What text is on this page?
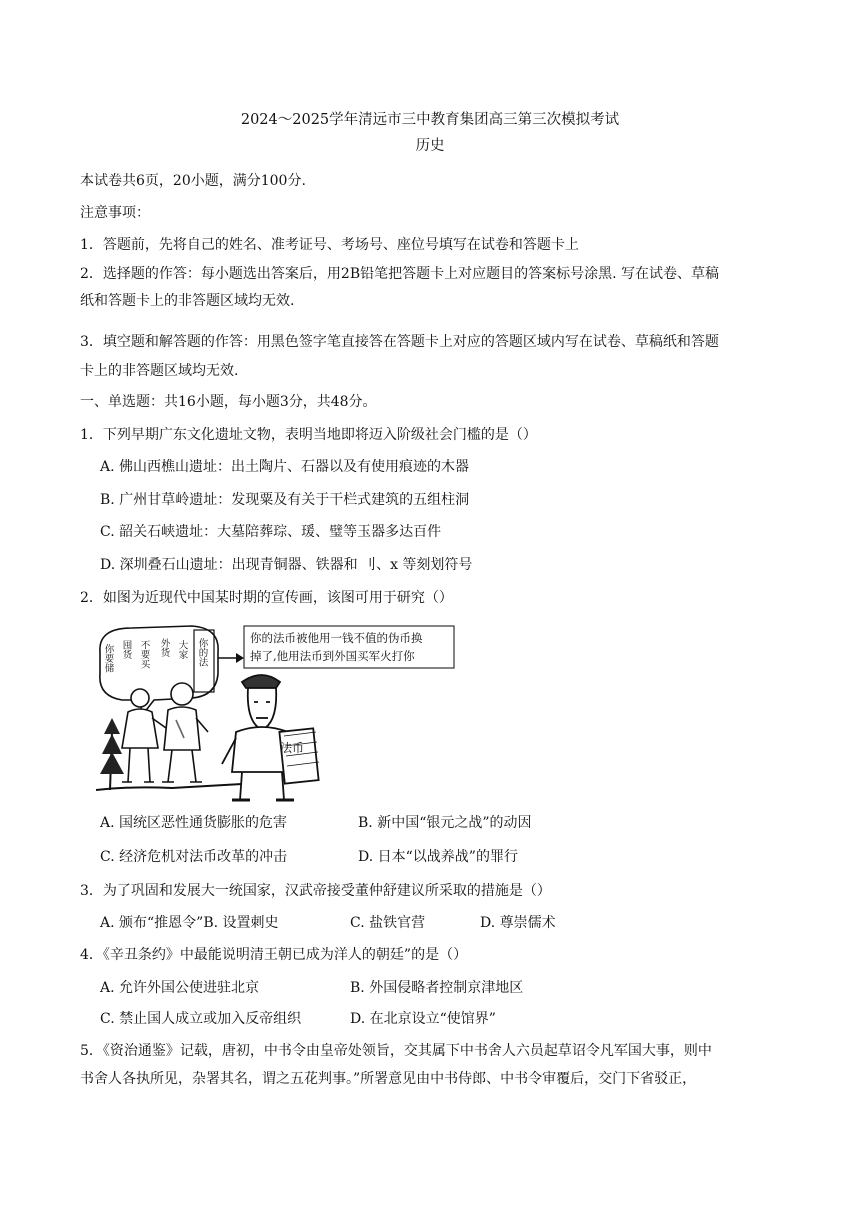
2024～2025学年清远市三中教育集团高三第三次模拟考试
历史
本试卷共6页，20小题，满分100分.
注意事项：
1．答题前，先将自己的姓名、准考证号、考场号、座位号填写在试卷和答题卡上
2．选择题的作答：每小题选出答案后，用2B铅笔把答题卡上对应题目的答案标号涂黑. 写在试卷、草稿
纸和答题卡上的非答题区域均无效.
3．填空题和解答题的作答：用黑色签字笔直接答在答题卡上对应的答题区域内写在试卷、草稿纸和答题
卡上的非答题区域均无效.
一、单选题：共16小题，每小题3分，共48分。
1．下列早期广东文化遗址文物，表明当地即将迈入阶级社会门槛的是（）
A. 佛山西樵山遗址：出土陶片、石器以及有使用痕迹的木器
B. 广州甘草岭遗址：发现粟及有关于干栏式建筑的五组柱洞
C. 韶关石峡遗址：大墓陪葬琮、瑗、璧等玉器多达百件
D. 深圳叠石山遗址：出现青铜器、铁器和 刂、x 等刻划符号
2．如图为近现代中国某时期的宣传画，该图可用于研究（）
你要储 囤货 不要买 外货 大家 你的法	你的法币被他用一钱不值的伪币换
掉了,他用法币到外国买军火打你
法币
A. 国统区恶性通货膨胀的危害	B. 新中国“银元之战”的动因
C. 经济危机对法币改革的冲击	D. 日本“以战养战”的罪行
3．为了巩固和发展大一统国家，汉武帝接受董仲舒建议所采取的措施是（）
A. 颁布“推恩令”B. 设置刺史	C. 盐铁官营	D. 尊崇儒术
4．《辛丑条约》中最能说明清王朝已成为洋人的朝廷”的是（）
A. 允许外国公使进驻北京	B. 外国侵略者控制京津地区
C. 禁止国人成立或加入反帝组织	D. 在北京设立“使馆界”
5．《资治通鉴》记载，唐初，中书令由皇帝处领旨，交其属下中书舍人六员起草诏令凡军国大事，则中
书舍人各执所见，杂署其名，谓之五花判事。”所署意见由中书侍郎、中书令审覆后，交门下省驳正，
